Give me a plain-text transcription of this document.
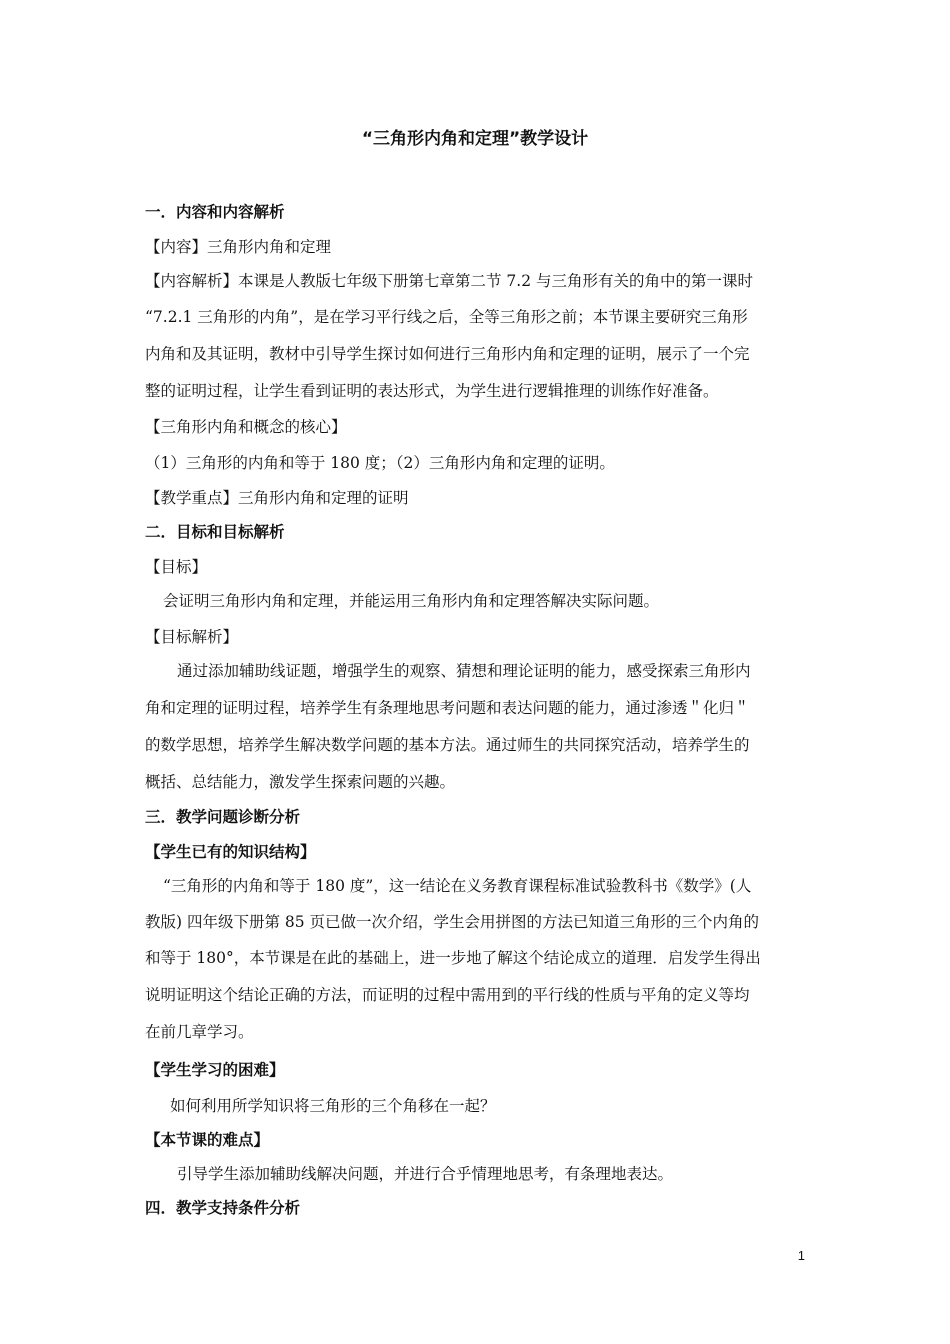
“三角形内角和定理”教学设计
一．内容和内容解析
【内容】三角形内角和定理
【内容解析】本课是人教版七年级下册第七章第二节 7.2 与三角形有关的角中的第一课时
“7.2.1 三角形的内角”，是在学习平行线之后，全等三角形之前；本节课主要研究三角形
内角和及其证明，教材中引导学生探讨如何进行三角形内角和定理的证明，展示了一个完
整的证明过程，让学生看到证明的表达形式，为学生进行逻辑推理的训练作好准备。
【三角形内角和概念的核心】
（1）三角形的内角和等于 180 度；（2）三角形内角和定理的证明。
【教学重点】三角形内角和定理的证明
二．目标和目标解析
【目标】
会证明三角形内角和定理，并能运用三角形内角和定理答解决实际问题。
【目标解析】
通过添加辅助线证题，增强学生的观察、猜想和理论证明的能力，感受探索三角形内
角和定理的证明过程，培养学生有条理地思考问题和表达问题的能力，通过渗透＂化归＂
的数学思想，培养学生解决数学问题的基本方法。通过师生的共同探究活动，培养学生的
概括、总结能力，激发学生探索问题的兴趣。
三．教学问题诊断分析
【学生已有的知识结构】
“三角形的内角和等于 180 度”，这一结论在义务教育课程标准试验教科书《数学》(人
教版) 四年级下册第 85 页已做一次介绍，学生会用拼图的方法已知道三角形的三个内角的
和等于 180°，本节课是在此的基础上，进一步地了解这个结论成立的道理．启发学生得出
说明证明这个结论正确的方法，而证明的过程中需用到的平行线的性质与平角的定义等均
在前几章学习。
【学生学习的困难】
如何利用所学知识将三角形的三个角移在一起？
【本节课的难点】
引导学生添加辅助线解决问题，并进行合乎情理地思考，有条理地表达。
四．教学支持条件分析
1
